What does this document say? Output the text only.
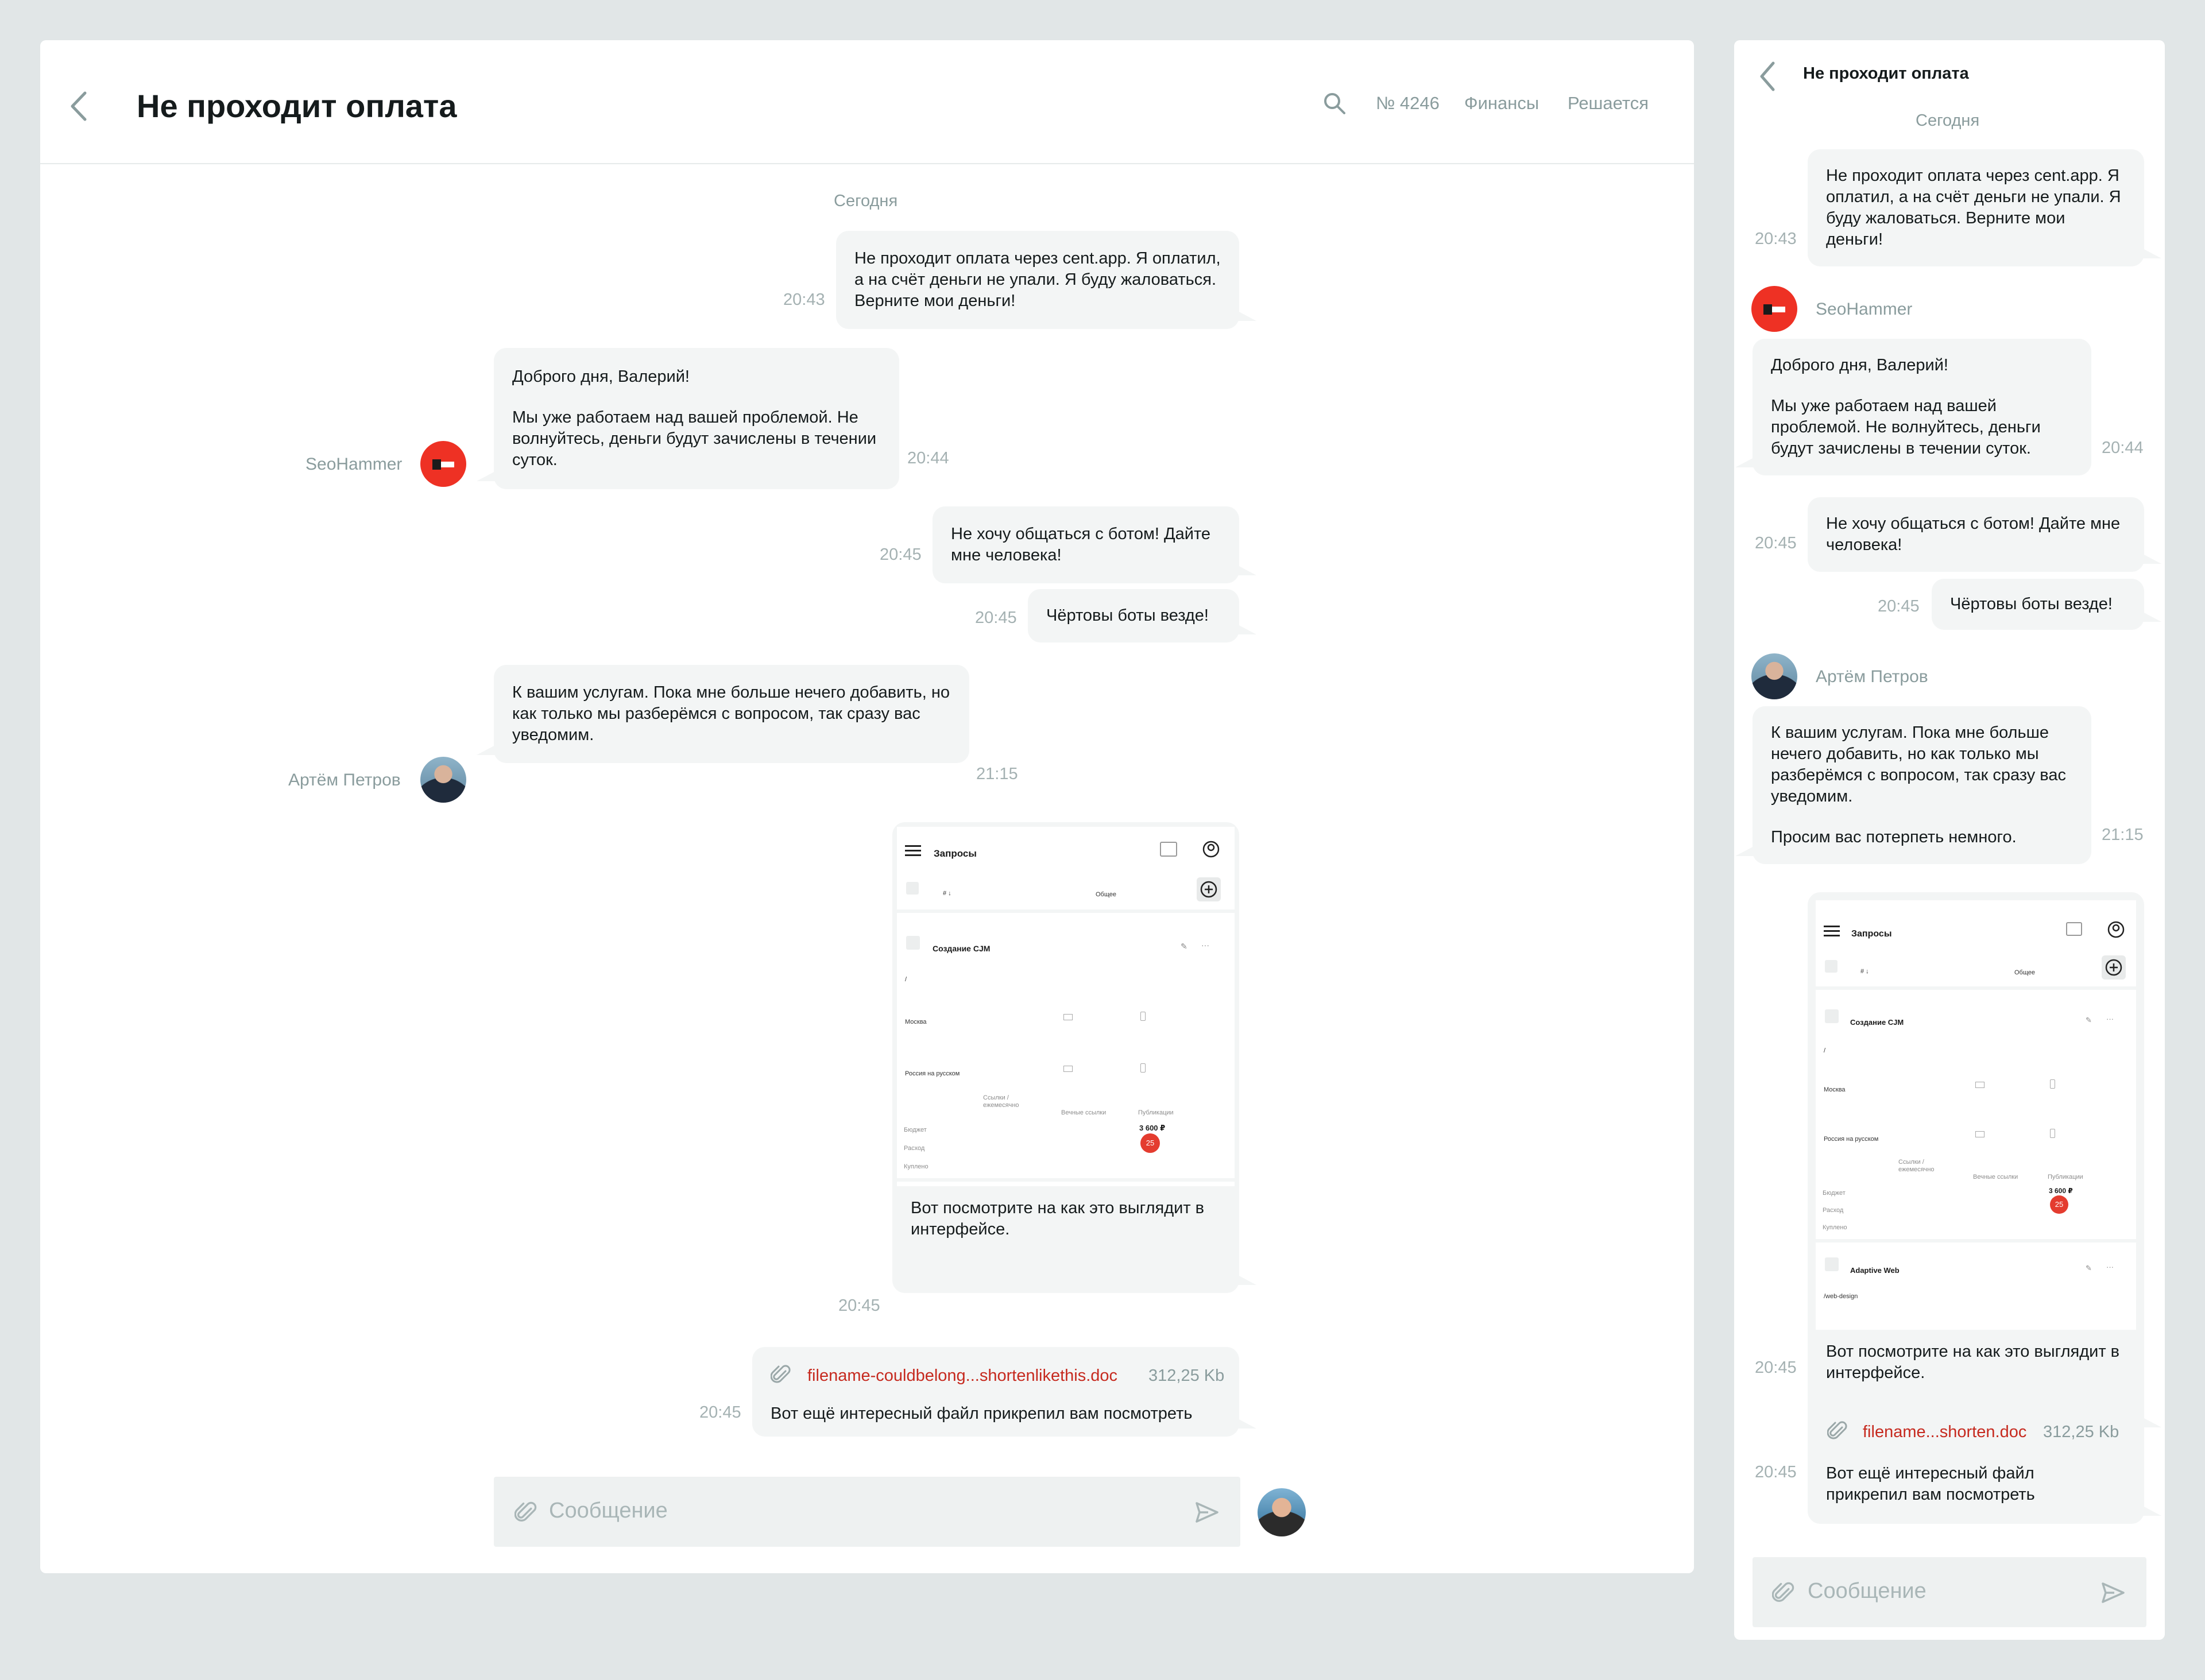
Не проходит оплата	№ 4246 Финансы Решается
Сегодня
20:43

Не проходит оплата через cent.app. Я оплатил, а на счёт деньги не упали. Я буду жаловаться. Верните мои деньги!

SeoHammer

Доброго дня, Валерий!

Мы уже работаем над вашей проблемой. Не волнуйтесь, деньги будут зачислены в течении суток.	20:44
20:45

Не хочу общаться с ботом! Дайте мне человека!

20:45 Чёртовы боты везде!

Артём Петров

К вашим услугам. Пока мне больше нечего добавить, но как только мы разберёмся с вопросом, так сразу вас уведомим.

21:15
20:45
Запросы
# ↓	Общее
Создание CJM	✎ ···
/
Москва
Россия на русском
Ссылки / ежемесячно
Вечные ссылки	Публикации
Бюджет	3 600 ₽
Расход
25
Куплено

Вот посмотрите на как это выглядит в интерфейсе.

20:45
filename-couldbelong...shortenlikethis.doc 312,25 Kb
Вот ещё интересный файл прикрепил вам посмотреть
Сообщение
Не проходит оплата
Сегодня
20:43

Не проходит оплата через cent.app. Я оплатил, а на счёт деньги не упали. Я буду жаловаться. Верните мои деньги!

SeoHammer

Доброго дня, Валерий!

Мы уже работаем над вашей проблемой. Не волнуйтесь, деньги будут зачислены в течении суток.	20:44
20:45

Не хочу общаться с ботом! Дайте мне человека!

20:45 Чёртовы боты везде!

Артём Петров

К вашим услугам. Пока мне больше нечего добавить, но как только мы разберёмся с вопросом, так сразу вас уведомим.

Просим вас потерпеть немного.	21:15
20:45
Запросы
# ↓	Общее
Создание CJM	✎ ···
/
Москва
Россия на русском
Ссылки / ежемесячно
Вечные ссылки	Публикации
Бюджет	3 600 ₽
Расход
25
Куплено
Adaptive Web	✎ ···
/web-design

Вот посмотрите на как это выглядит в интерфейсе.

20:45
filename...shorten.doc 312,25 Kb
Вот ещё интересный файл прикрепил вам посмотреть
Сообщение
